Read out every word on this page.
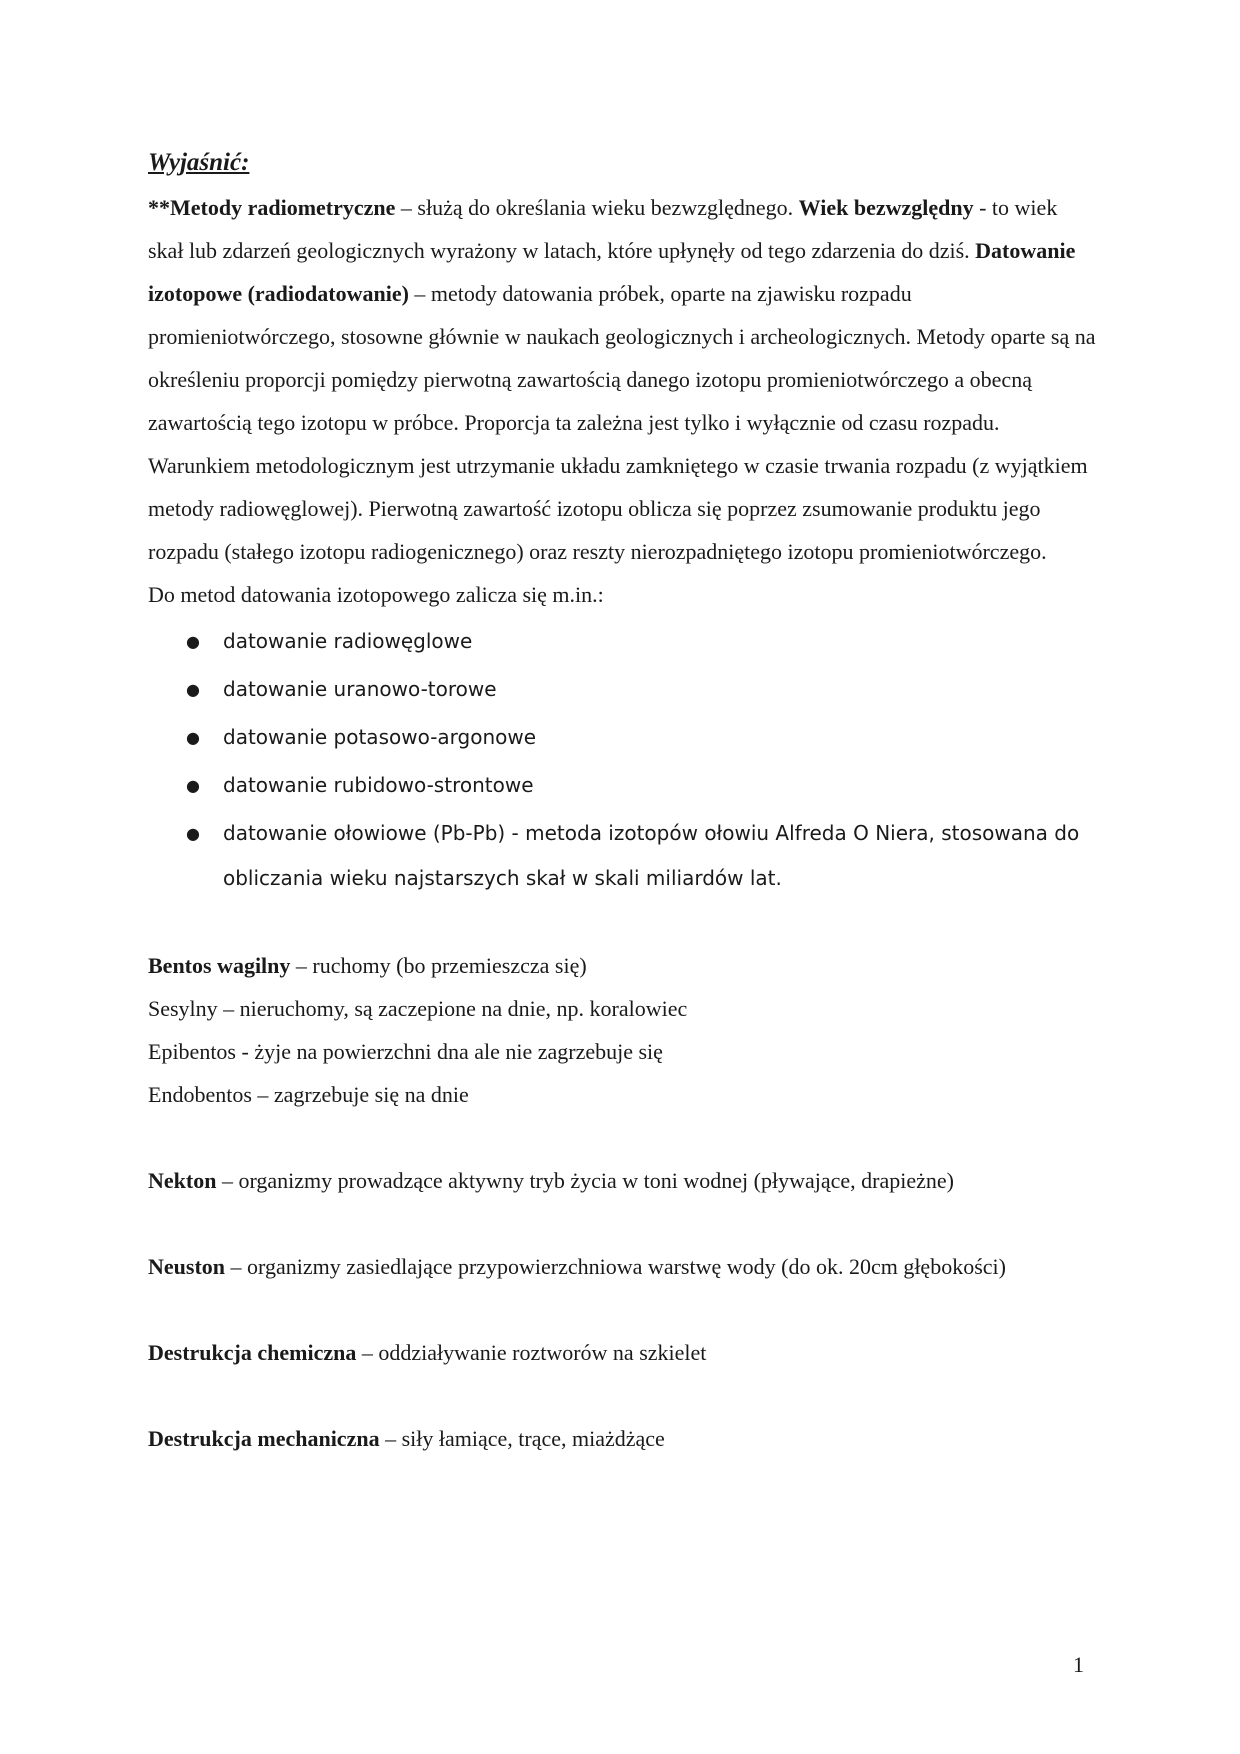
Wyjaśnić:

**Metody radiometryczne – służą do określania wieku bezwzględnego. Wiek bezwzględny - to wiek skał lub zdarzeń geologicznych wyrażony w latach, które upłynęły od tego zdarzenia do dziś. Datowanie izotopowe (radiodatowanie) – metody datowania próbek, oparte na zjawisku rozpadu promieniotwórczego, stosowne głównie w naukach geologicznych i archeologicznych. Metody oparte są na określeniu proporcji pomiędzy pierwotną zawartością danego izotopu promieniotwórczego a obecną zawartością tego izotopu w próbce. Proporcja ta zależna jest tylko i wyłącznie od czasu rozpadu. Warunkiem metodologicznym jest utrzymanie układu zamkniętego w czasie trwania rozpadu (z wyjątkiem metody radiowęglowej). Pierwotną zawartość izotopu oblicza się poprzez zsumowanie produktu jego rozpadu (stałego izotopu radiogenicznego) oraz reszty nierozpadniętego izotopu promieniotwórczego.

Do metod datowania izotopowego zalicza się m.in.:

● datowanie radiowęglowe
● datowanie uranowo-torowe
● datowanie potasowo-argonowe
● datowanie rubidowo-strontowe
● datowanie ołowiowe (Pb-Pb) - metoda izotopów ołowiu Alfreda O Niera, stosowana do obliczania wieku najstarszych skał w skali miliardów lat.

Bentos wagilny – ruchomy (bo przemieszcza się)

Sesylny – nieruchomy, są zaczepione na dnie, np. koralowiec

Epibentos - żyje na powierzchni dna ale nie zagrzebuje się

Endobentos – zagrzebuje się na dnie

Nekton – organizmy prowadzące aktywny tryb życia w toni wodnej (pływające, drapieżne)

Neuston – organizmy zasiedlające przypowierzchniowa warstwę wody (do ok. 20cm głębokości)

Destrukcja chemiczna – oddziaływanie roztworów na szkielet

Destrukcja mechaniczna – siły łamiące, trące, miażdżące

1
